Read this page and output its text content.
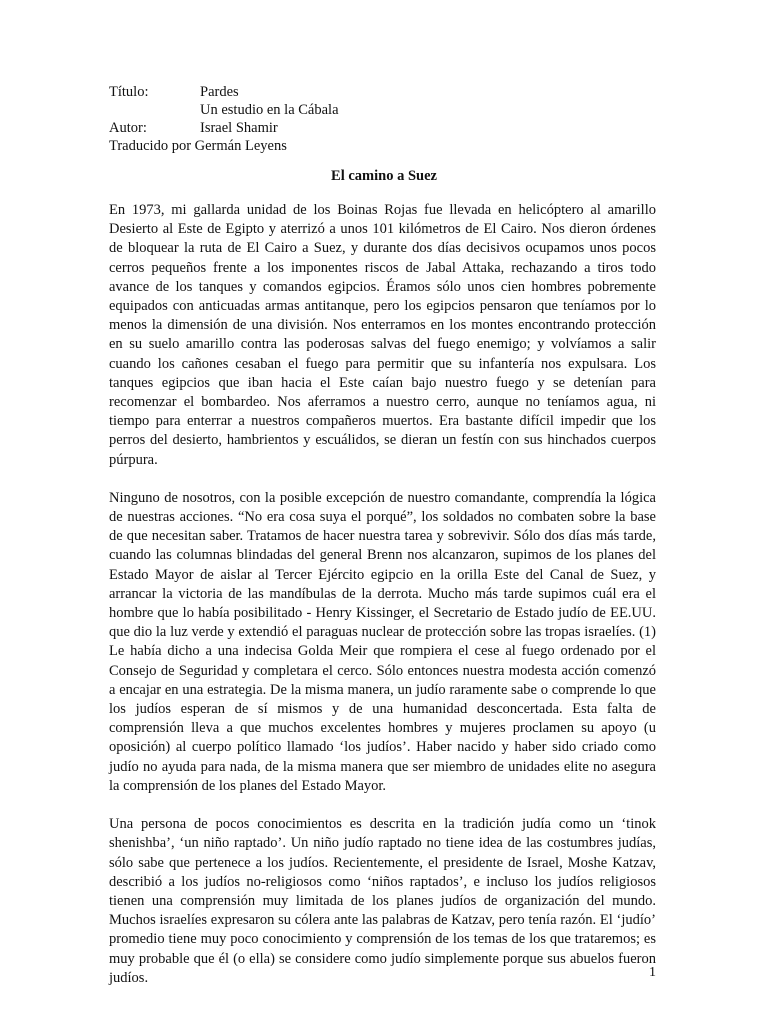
Título:	Pardes
Un estudio en la Cábala
Autor:	Israel Shamir
Traducido por Germán Leyens
El camino a Suez

En 1973, mi gallarda unidad de los Boinas Rojas fue llevada en helicóptero al amarillo Desierto al Este de Egipto y aterrizó a unos 101 kilómetros de El Cairo. Nos dieron órdenes de bloquear la ruta de El Cairo a Suez, y durante dos días decisivos ocupamos unos pocos cerros pequeños frente a los imponentes riscos de Jabal Attaka, rechazando a tiros todo avance de los tanques y comandos egipcios. Éramos sólo unos cien hombres pobremente equipados con anticuadas armas antitanque, pero los egipcios pensaron que teníamos por lo menos la dimensión de una división. Nos enterramos en los montes encontrando protección en su suelo amarillo contra las poderosas salvas del fuego enemigo; y volvíamos a salir cuando los cañones cesaban el fuego para permitir que su infantería nos expulsara. Los tanques egipcios que iban hacia el Este caían bajo nuestro fuego y se detenían para recomenzar el bombardeo. Nos aferramos a nuestro cerro, aunque no teníamos agua, ni tiempo para enterrar a nuestros compañeros muertos. Era bastante difícil impedir que los perros del desierto, hambrientos y escuálidos, se dieran un festín con sus hinchados cuerpos púrpura.

Ninguno de nosotros, con la posible excepción de nuestro comandante, comprendía la lógica de nuestras acciones. “No era cosa suya el porqué”, los soldados no combaten sobre la base de que necesitan saber. Tratamos de hacer nuestra tarea y sobrevivir. Sólo dos días más tarde, cuando las columnas blindadas del general Brenn nos alcanzaron, supimos de los planes del Estado Mayor de aislar al Tercer Ejército egipcio en la orilla Este del Canal de Suez, y arrancar la victoria de las mandíbulas de la derrota. Mucho más tarde supimos cuál era el hombre que lo había posibilitado - Henry Kissinger, el Secretario de Estado judío de EE.UU. que dio la luz verde y extendió el paraguas nuclear de protección sobre las tropas israelíes. (1) Le había dicho a una indecisa Golda Meir que rompiera el cese al fuego ordenado por el Consejo de Seguridad y completara el cerco. Sólo entonces nuestra modesta acción comenzó a encajar en una estrategia. De la misma manera, un judío raramente sabe o comprende lo que los judíos esperan de sí mismos y de una humanidad desconcertada. Esta falta de comprensión lleva a que muchos excelentes hombres y mujeres proclamen su apoyo (u oposición) al cuerpo político llamado ‘los judíos’. Haber nacido y haber sido criado como judío no ayuda para nada, de la misma manera que ser miembro de unidades elite no asegura la comprensión de los planes del Estado Mayor.

Una persona de pocos conocimientos es descrita en la tradición judía como un ‘tinok shenishba’, ‘un niño raptado’. Un niño judío raptado no tiene idea de las costumbres judías, sólo sabe que pertenece a los judíos. Recientemente, el presidente de Israel, Moshe Katzav, describió a los judíos no-religiosos como ‘niños raptados’, e incluso los judíos religiosos tienen una comprensión muy limitada de los planes judíos de organización del mundo. Muchos israelíes expresaron su cólera ante las palabras de Katzav, pero tenía razón. El ‘judío’ promedio tiene muy poco conocimiento y comprensión de los temas de los que trataremos; es muy probable que él (o ella) se considere como judío simplemente porque sus abuelos fueron judíos.	1
